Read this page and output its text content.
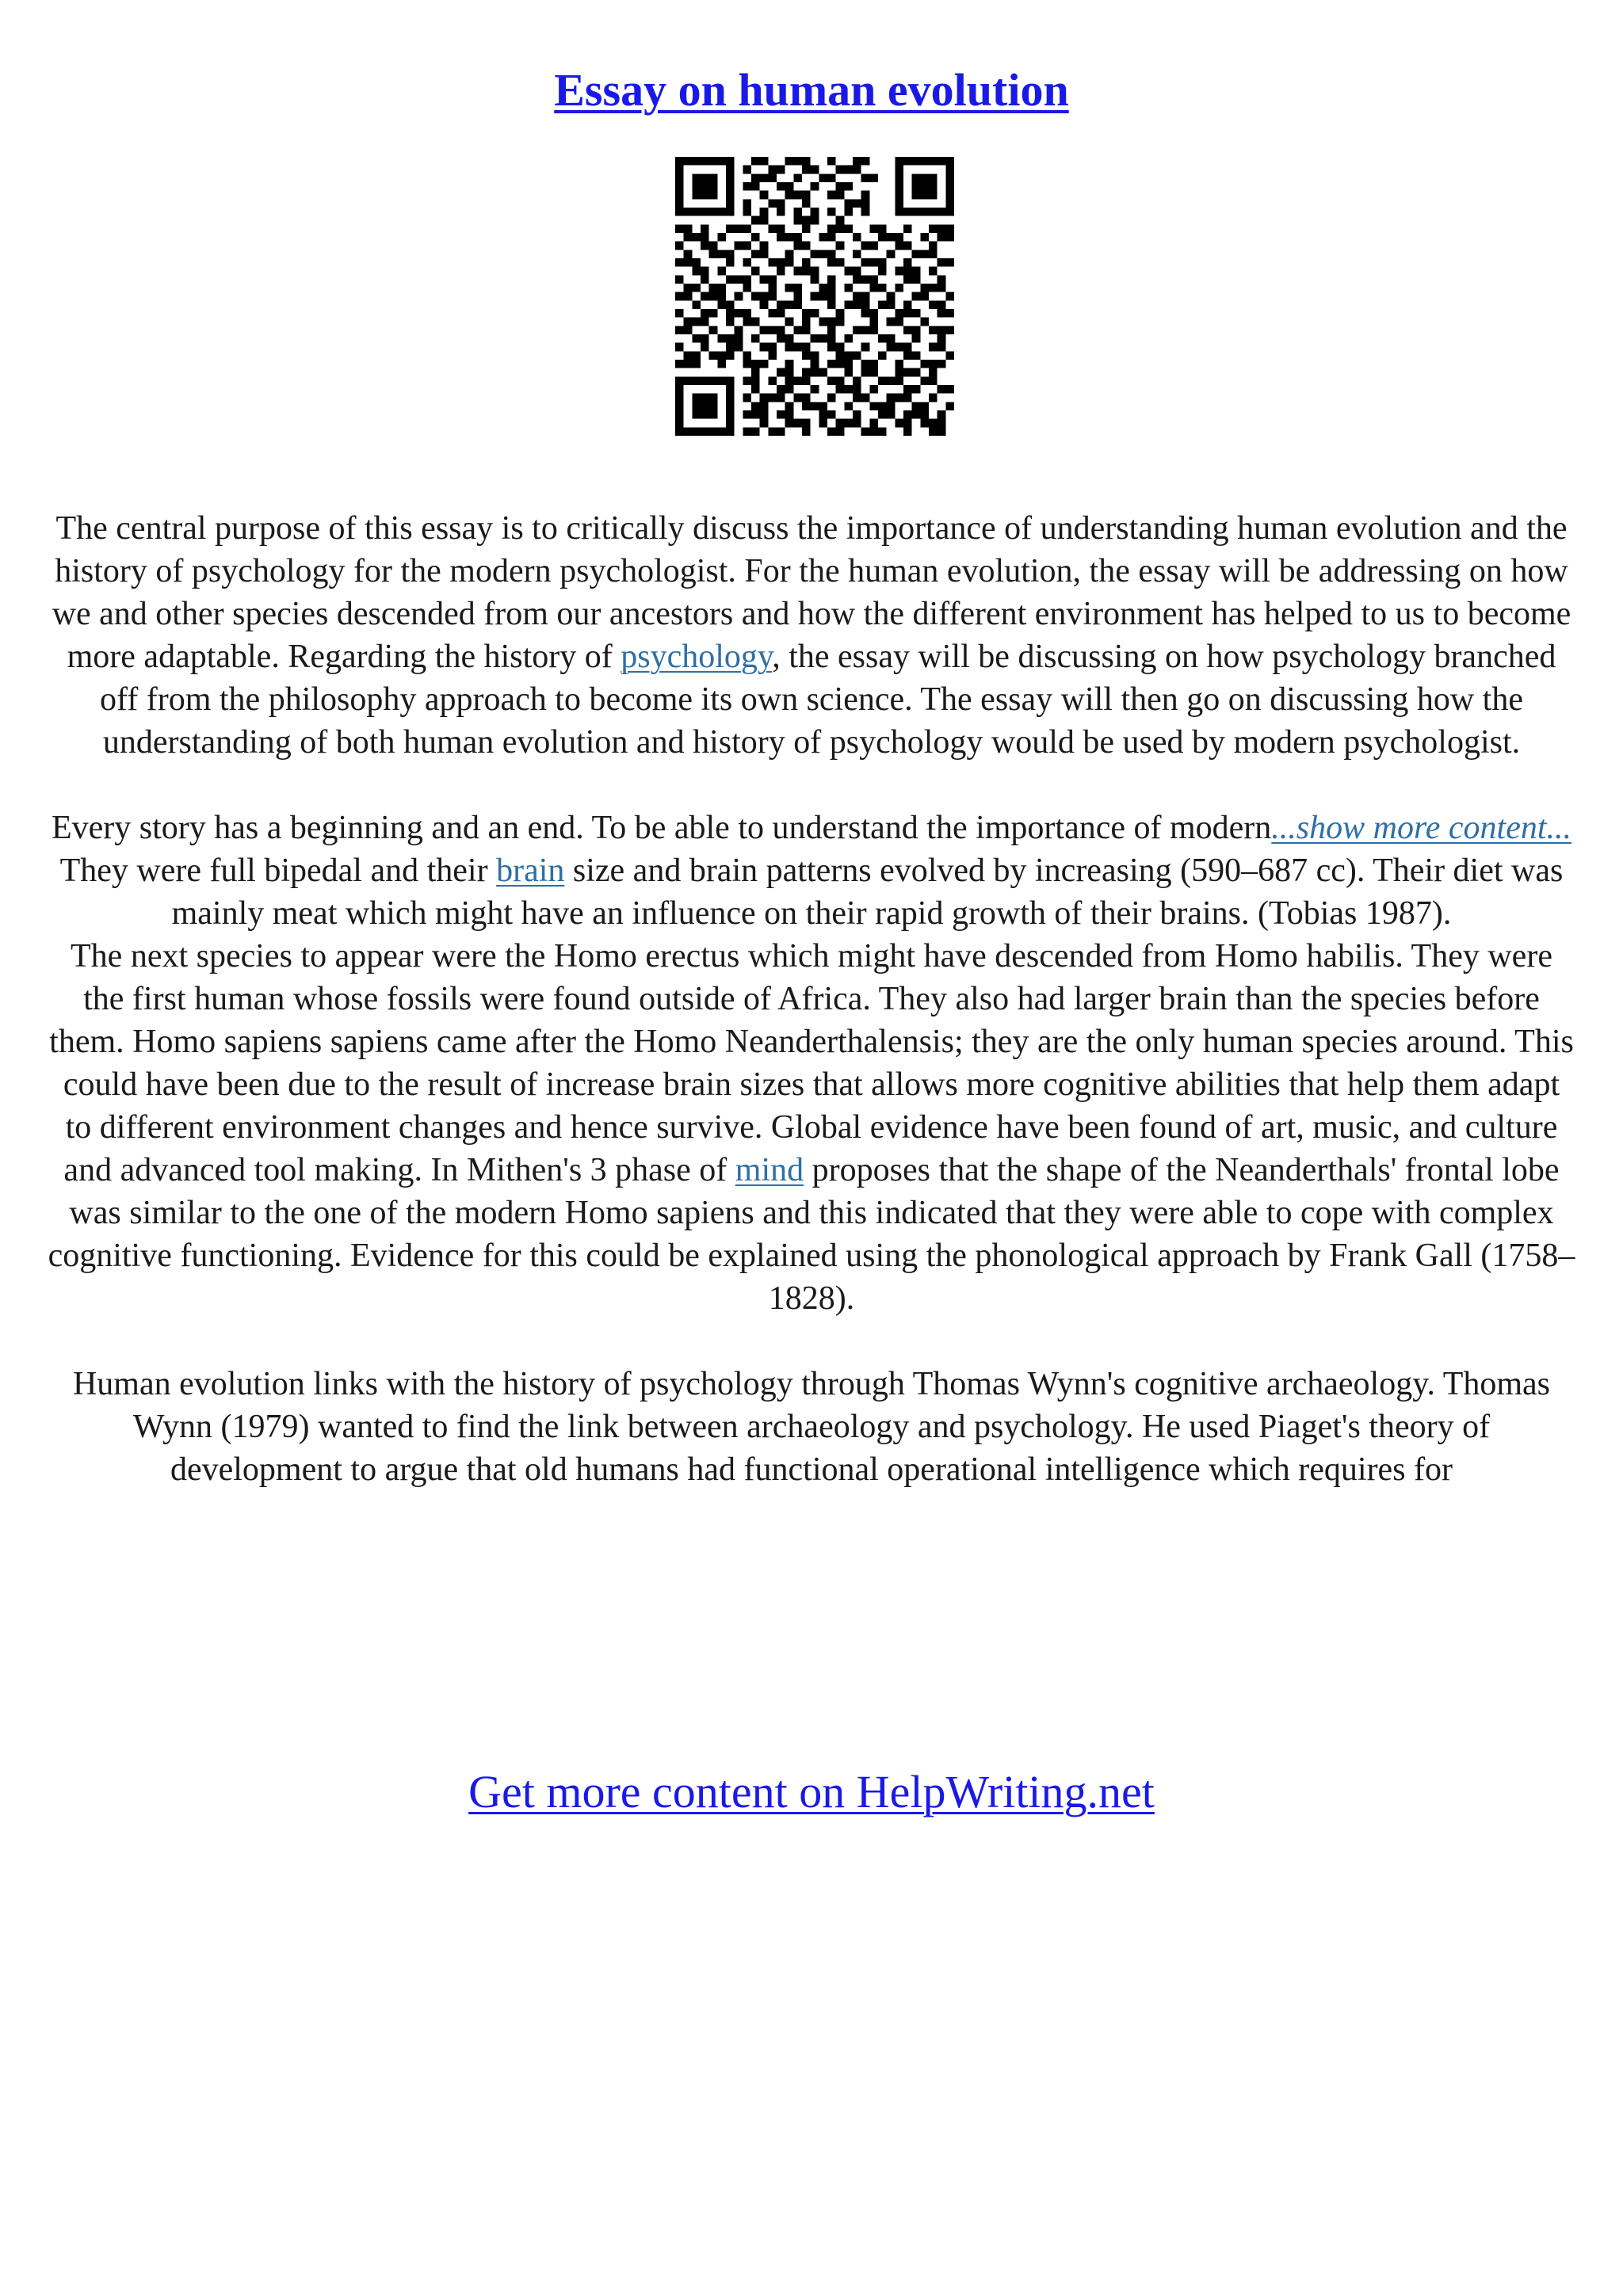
Essay on human evolution

The central purpose of this essay is to critically discuss the importance of understanding human evolution and the history of psychology for the modern psychologist. For the human evolution, the essay will be addressing on how we and other species descended from our ancestors and how the different environment has helped to us to become more adaptable. Regarding the history of psychology, the essay will be discussing on how psychology branched off from the philosophy approach to become its own science. The essay will then go on discussing how the understanding of both human evolution and history of psychology would be used by modern psychologist.

Every story has a beginning and an end. To be able to understand the importance of modern...show more content...

They were full bipedal and their brain size and brain patterns evolved by increasing (590–687 cc). Their diet was mainly meat which might have an influence on their rapid growth of their brains. (Tobias 1987).

The next species to appear were the Homo erectus which might have descended from Homo habilis. They were the first human whose fossils were found outside of Africa. They also had larger brain than the species before them. Homo sapiens sapiens came after the Homo Neanderthalensis; they are the only human species around. This could have been due to the result of increase brain sizes that allows more cognitive abilities that help them adapt to different environment changes and hence survive. Global evidence have been found of art, music, and culture and advanced tool making. In Mithen's 3 phase of mind proposes that the shape of the Neanderthals' frontal lobe was similar to the one of the modern Homo sapiens and this indicated that they were able to cope with complex cognitive functioning. Evidence for this could be explained using the phonological approach by Frank Gall (1758–1828).

Human evolution links with the history of psychology through Thomas Wynn's cognitive archaeology. Thomas Wynn (1979) wanted to find the link between archaeology and psychology. He used Piaget's theory of development to argue that old humans had functional operational intelligence which requires for

Get more content on HelpWriting.net
